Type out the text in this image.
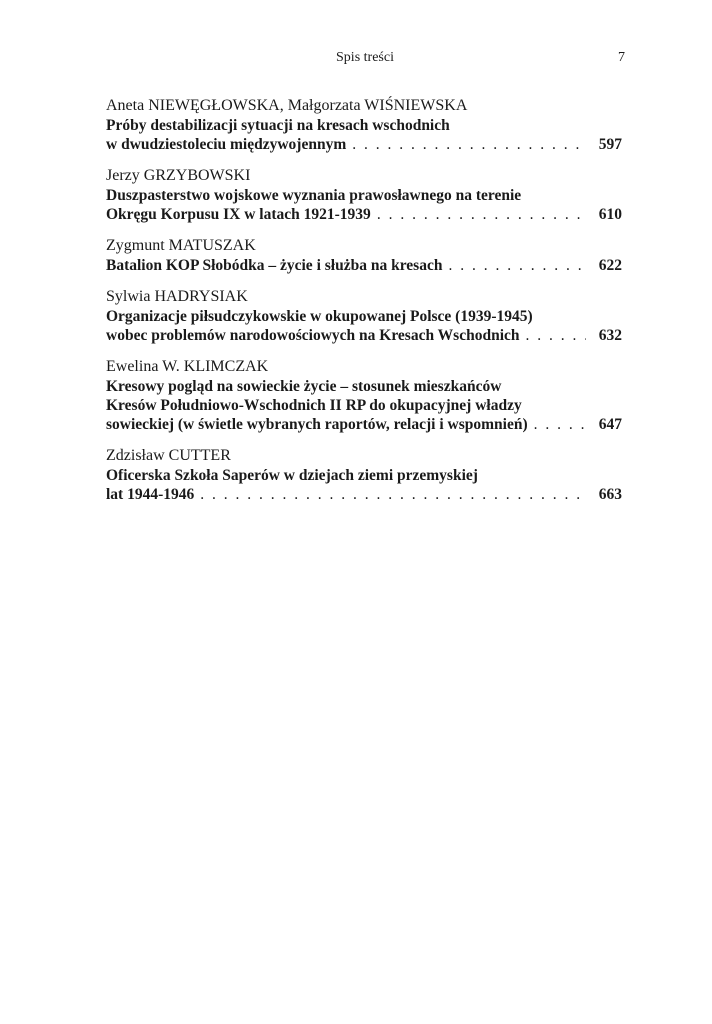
Spis treści	7
Aneta NIEWĘGŁOWSKA, Małgorzata WIŚNIEWSKA
Próby destabilizacji sytuacji na kresach wschodnich
w dwudziestoleciu międzywojennym . . .	597
Jerzy GRZYBOWSKI
Duszpasterstwo wojskowe wyznania prawosławnego na terenie
Okręgu Korpusu IX w latach 1921-1939 . . .	610
Zygmunt MATUSZAK
Batalion KOP Słobódka – życie i służba na kresach . . .	622
Sylwia HADRYSIAK
Organizacje piłsudczykowskie w okupowanej Polsce (1939-1945)
wobec problemów narodowościowych na Kresach Wschodnich . . .	632
Ewelina W. KLIMCZAK
Kresowy pogląd na sowieckie życie – stosunek mieszkańców
Kresów Południowo-Wschodnich II RP do okupacyjnej władzy
sowieckiej (w świetle wybranych raportów, relacji i wspomnień) . . .	647
Zdzisław CUTTER
Oficerska Szkoła Saperów w dziejach ziemi przemyskiej
lat 1944-1946 . . .	663
